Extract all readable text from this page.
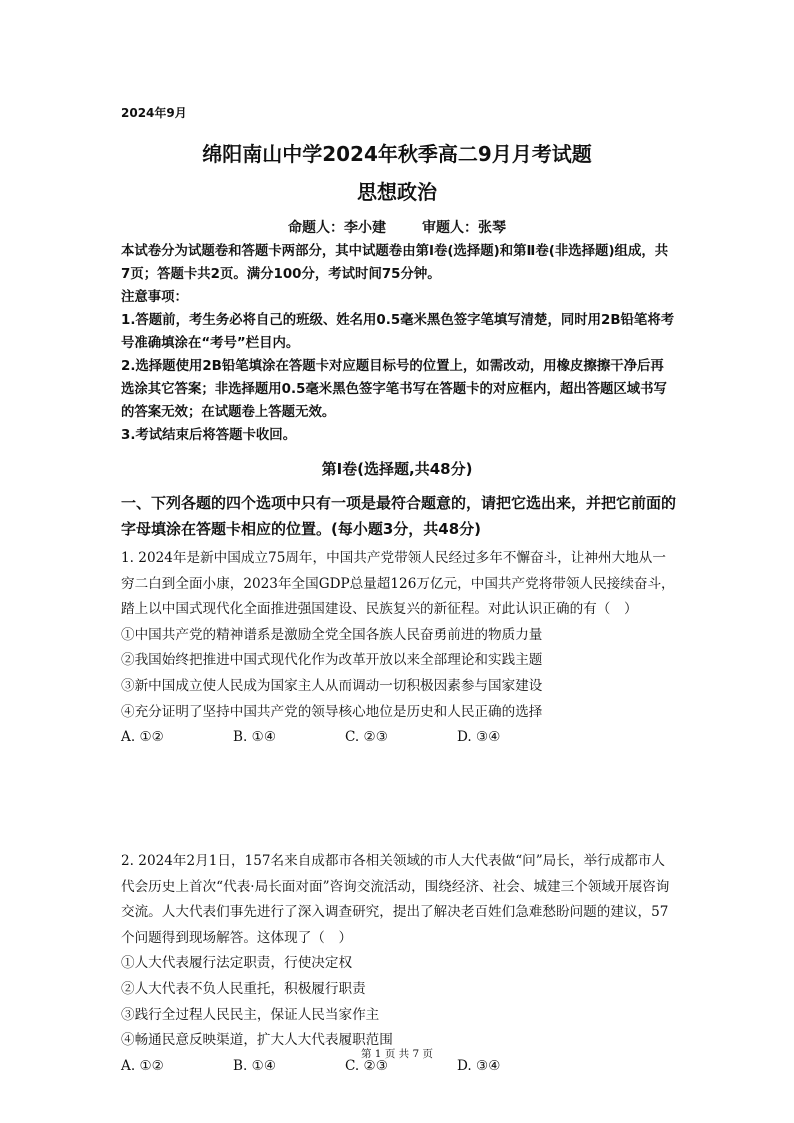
2024年9月
绵阳南山中学2024年秋季高二9月月考试题
思想政治
命题人：李小建	审题人：张琴

本试卷分为试题卷和答题卡两部分，其中试题卷由第Ⅰ卷(选择题)和第Ⅱ卷(非选择题)组成，共7页；答题卡共2页。满分100分，考试时间75分钟。

注意事项：

1.答题前，考生务必将自己的班级、姓名用0.5毫米黑色签字笔填写清楚，同时用2B铅笔将考号准确填涂在“考号”栏目内。

2.选择题使用2B铅笔填涂在答题卡对应题目标号的位置上，如需改动，用橡皮擦擦干净后再选涂其它答案；非选择题用0.5毫米黑色签字笔书写在答题卡的对应框内，超出答题区域书写的答案无效；在试题卷上答题无效。

3.考试结束后将答题卡收回。

第Ⅰ卷(选择题,共48分)
一、下列各题的四个选项中只有一项是最符合题意的，请把它选出来，并把它前面的字母填涂在答题卡相应的位置。(每小题3分，共48分)

1. 2024年是新中国成立75周年，中国共产党带领人民经过多年不懈奋斗，让神州大地从一穷二白到全面小康，2023年全国GDP总量超126万亿元，中国共产党将带领人民接续奋斗，踏上以中国式现代化全面推进强国建设、民族复兴的新征程。对此认识正确的有（　）

①中国共产党的精神谱系是激励全党全国各族人民奋勇前进的物质力量

②我国始终把推进中国式现代化作为改革开放以来全部理论和实践主题

③新中国成立使人民成为国家主人从而调动一切积极因素参与国家建设

④充分证明了坚持中国共产党的领导核心地位是历史和人民正确的选择

A. ①②	B. ①④	C. ②③	D. ③④

2. 2024年2月1日，157名来自成都市各相关领域的市人大代表做“问”局长，举行成都市人代会历史上首次“代表·局长面对面”咨询交流活动，围绕经济、社会、城建三个领域开展咨询交流。人大代表们事先进行了深入调查研究，提出了解决老百姓们急难愁盼问题的建议，57个问题得到现场解答。这体现了（　）

①人大代表履行法定职责，行使决定权

②人大代表不负人民重托，积极履行职责

③践行全过程人民民主，保证人民当家作主

④畅通民意反映渠道，扩大人大代表履职范围

A. ①②	B. ①④	C. ②③	D. ③④

第 1 页 共 7 页
